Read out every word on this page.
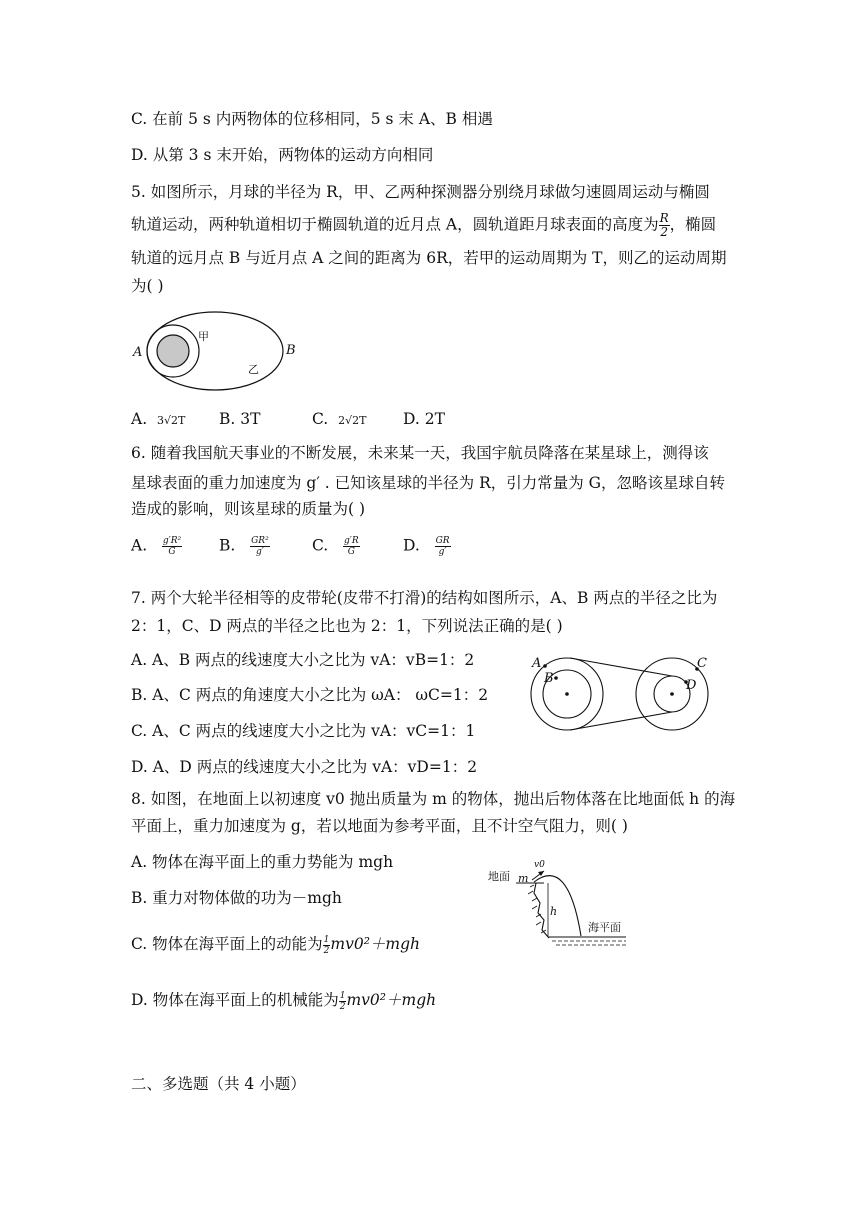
C. 在前 5 s 内两物体的位移相同，5 s 末 A、B 相遇
D. 从第 3 s 末开始，两物体的运动方向相同
5. 如图所示，月球的半径为 R，甲、乙两种探测器分别绕月球做匀速圆周运动与椭圆
轨道运动，两种轨道相切于椭圆轨道的近月点 A，圆轨道距月球表面的高度为 $\frac{R}{2}$ ，椭圆
轨道的远月点 B 与近月点 A 之间的距离为 6R，若甲的运动周期为 T，则乙的运动周期
为( )
A	B
甲
乙
A. 3√2T B. 3T	C. 2√2T D. 2T
6. 随着我国航天事业的不断发展，未来某一天，我国宇航员降落在某星球上，测得该
星球表面的重力加速度为 g′ . 已知该星球的半径为 R，引力常量为 G，忽略该星球自转
造成的影响，则该星球的质量为( )
A. $\frac{\text{g′R²}}{G} B$. $\frac{\text{GR²}}{g'}$	C. $\frac{g'R}{G}$	D. $\frac{GR}{g'}$
7. 两个大轮半径相等的皮带轮(皮带不打滑)的结构如图所示，A、B 两点的半径之比为
2：1，C、D 两点的半径之比也为 2：1，下列说法正确的是( )
A. A、B 两点的线速度大小之比为 vA：vB=1：2
B. A、C 两点的角速度大小之比为 ωA： ωC=1：2
C. A、C 两点的线速度大小之比为 vA：vC=1：1
D. A、D 两点的线速度大小之比为 vA：vD=1：2
A
B
C
D
8. 如图，在地面上以初速度 v0 抛出质量为 m 的物体，抛出后物体落在比地面低 h 的海
平面上，重力加速度为 g，若以地面为参考平面，且不计空气阻力，则( )
A. 物体在海平面上的重力势能为 mgh
B. 重力对物体做的功为－mgh
C. 物体在海平面上的动能为 $\frac{1}{2} mv0^2+mgh$
D. 物体在海平面上的机械能为 $\frac{1}{2} mv0^2+mgh$
地面 m
v0
h
海平面
二、多选题（共 4 小题）
